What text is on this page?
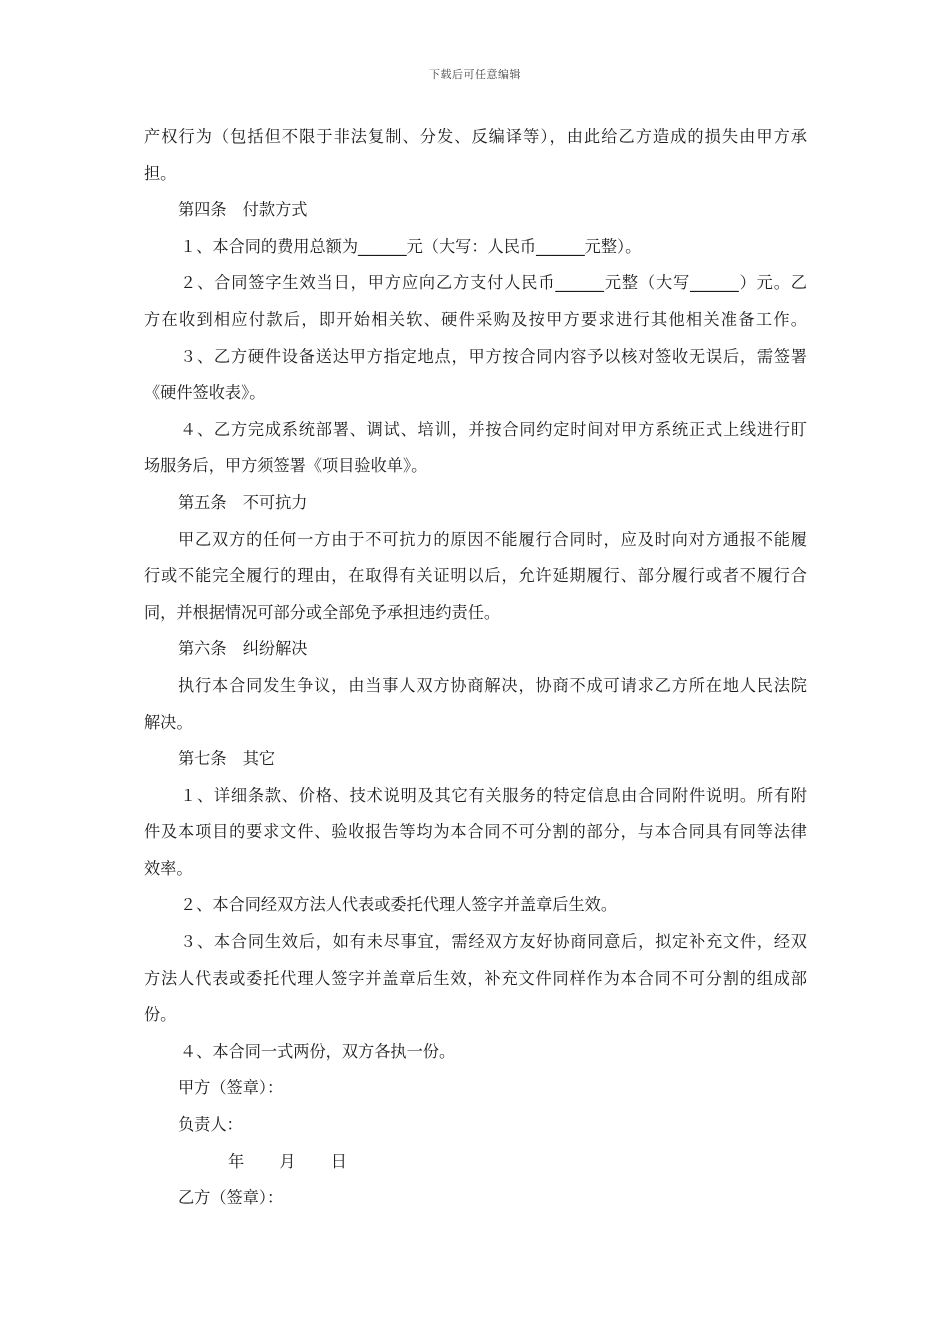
下载后可任意编辑
产权行为（包括但不限于非法复制、分发、反编译等），由此给乙方造成的损失由甲方承
担。
第四条　付款方式
１、本合同的费用总额为______元（大写：人民币______元整）。
２、合同签字生效当日，甲方应向乙方支付人民币______元整（大写______）元。乙
方在收到相应付款后，即开始相关软、硬件采购及按甲方要求进行其他相关准备工作。
３、乙方硬件设备送达甲方指定地点，甲方按合同内容予以核对签收无误后，需签署
《硬件签收表》。
４、乙方完成系统部署、调试、培训，并按合同约定时间对甲方系统正式上线进行盯
场服务后，甲方须签署《项目验收单》。
第五条　不可抗力
甲乙双方的任何一方由于不可抗力的原因不能履行合同时，应及时向对方通报不能履
行或不能完全履行的理由，在取得有关证明以后，允许延期履行、部分履行或者不履行合
同，并根据情况可部分或全部免予承担违约责任。
第六条　纠纷解决
执行本合同发生争议，由当事人双方协商解决，协商不成可请求乙方所在地人民法院
解决。
第七条　其它
１、详细条款、价格、技术说明及其它有关服务的特定信息由合同附件说明。所有附
件及本项目的要求文件、验收报告等均为本合同不可分割的部分，与本合同具有同等法律
效率。
２、本合同经双方法人代表或委托代理人签字并盖章后生效。
３、本合同生效后，如有未尽事宜，需经双方友好协商同意后，拟定补充文件，经双
方法人代表或委托代理人签字并盖章后生效，补充文件同样作为本合同不可分割的组成部
份。
４、本合同一式两份，双方各执一份。
甲方（签章）：
负责人：
年 月 日
乙方（签章）：
